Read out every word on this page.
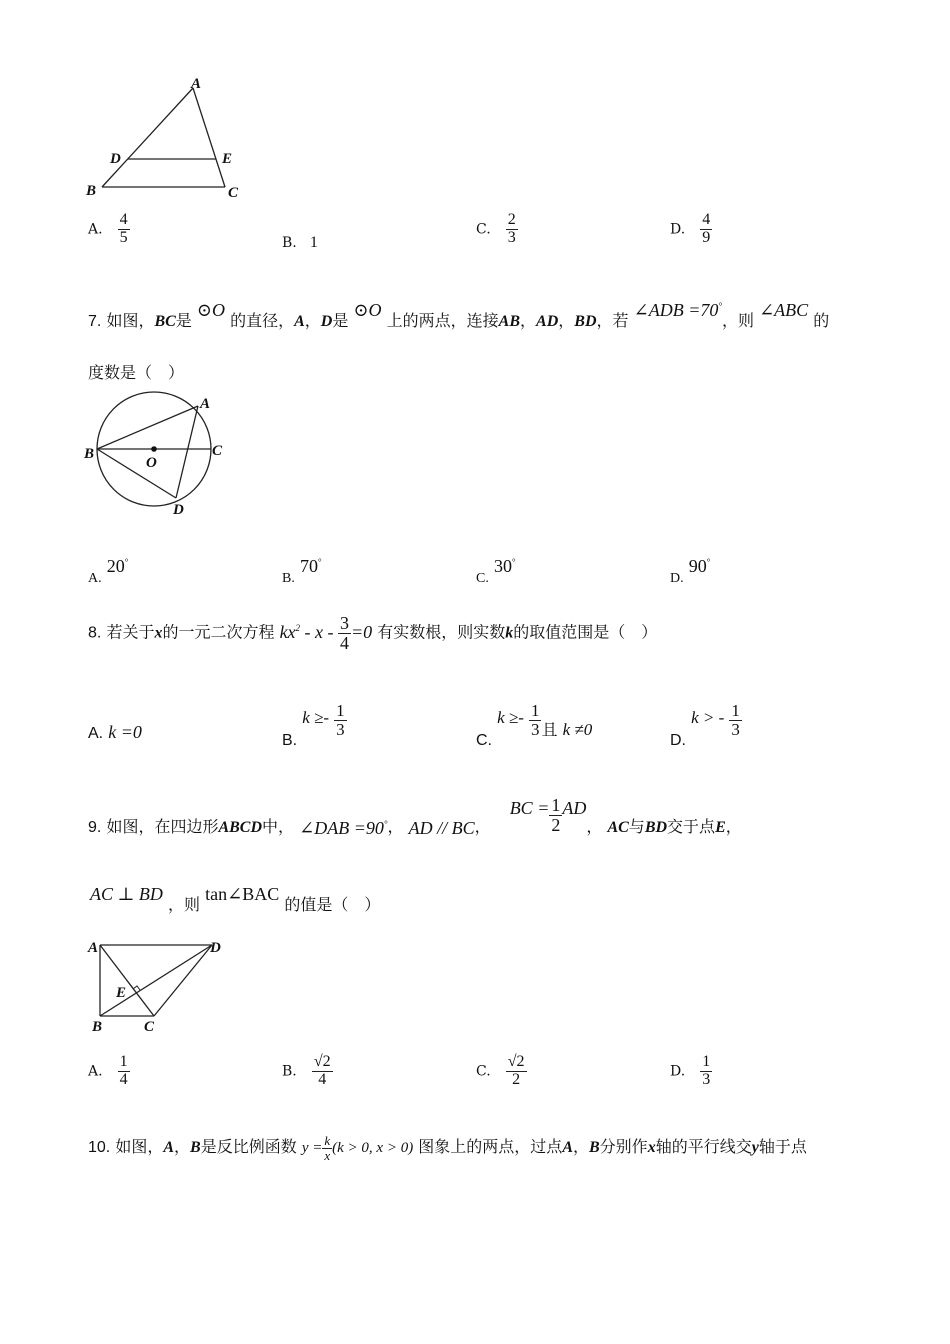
A
D	E
B	C
A. $\frac{4}{5}$	B. 1
C. $\frac{2}{3}$	D. $\frac{4}{9}$
7. 如图，BC是 ⊙O 的直径，A，D是 ⊙O 上的两点，连接AB，AD，BD，若 ∠ADB =70°，则 ∠ABC 的
度数是（　）
A
B	C
D
O
A. 20°
B. 70°
C. 30°
D. 90°
8. 若关于x的一元二次方程 $kx^2 - x - \frac{3}{4} =0$ 有实数根，则实数k的取值范围是（　）
A. k =0	B. $k \ge- \frac{1}{3}$
C. $k \ge- \frac{1}{3}$ 且 k ≠0
D. k > - $\frac{1}{3}$
9. 如图，在四边形ABCD中， ∠DAB =90°， AD // BC， BC = $\frac{1}{2}$ AD， AC与BD交于点E，
AC ⊥ BD ，则 tan∠BAC 的值是（　）
A	D
E
B	C
A. $\frac{1}{4}$	B. $\frac{√2}{4}$	C. $\frac{√2}{2}$	D. $\frac{1}{3}$
10. 如图，A，B是反比例函数 $y = \frac{k}{x} (k > 0$, x > 0) 图象上的两点，过点A，B分别作x轴的平行线交y轴于点
